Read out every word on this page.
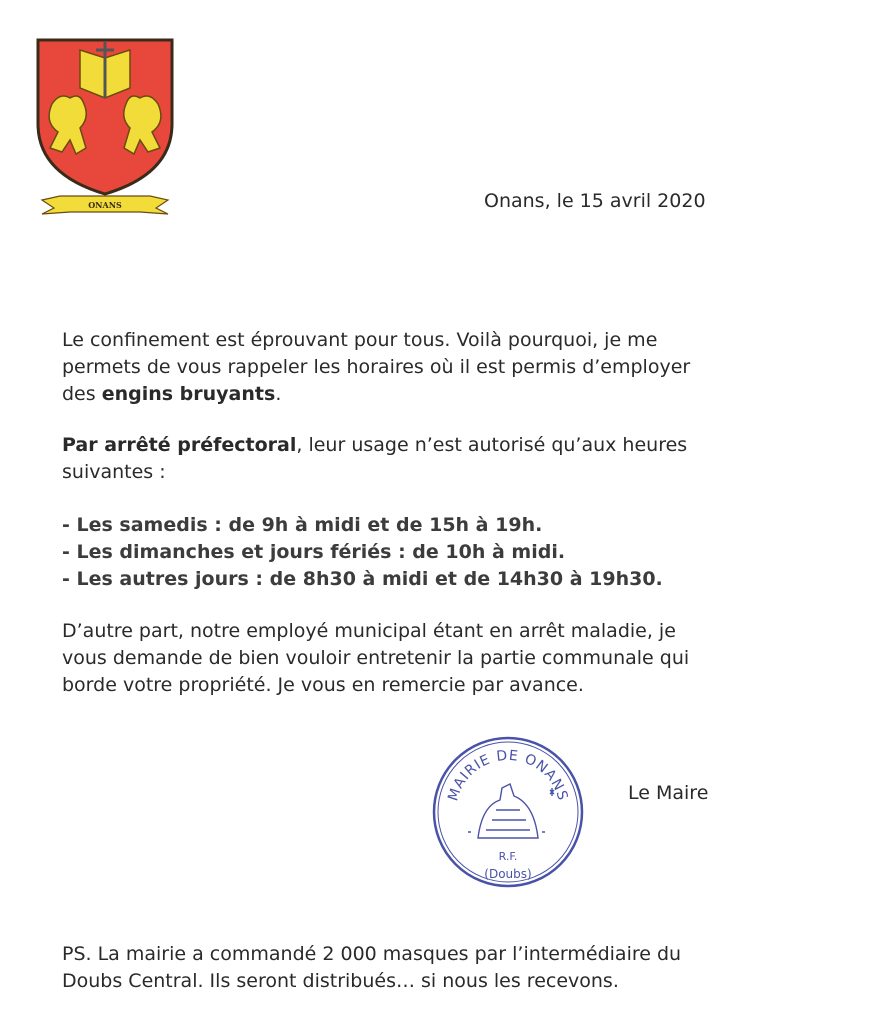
ONANS	Onans, le 15 avril 2020
Le confinement est éprouvant pour tous. Voilà pourquoi, je me
permets de vous rappeler les horaires où il est permis d’employer
des engins bruyants.
Par arrêté préfectoral, leur usage n’est autorisé qu’aux heures
suivantes :
- Les samedis : de 9h à midi et de 15h à 19h.
- Les dimanches et jours fériés : de 10h à midi.
- Les autres jours : de 8h30 à midi et de 14h30 à 19h30.
D’autre part, notre employé municipal étant en arrêt maladie, je
vous demande de bien vouloir entretenir la partie communale qui
borde votre propriété. Je vous en remercie par avance.
MAIRIE DE ONANS
R.F.
(Doubs)
Le Maire
PS. La mairie a commandé 2 000 masques par l’intermédiaire du
Doubs Central. Ils seront distribués… si nous les recevons.
